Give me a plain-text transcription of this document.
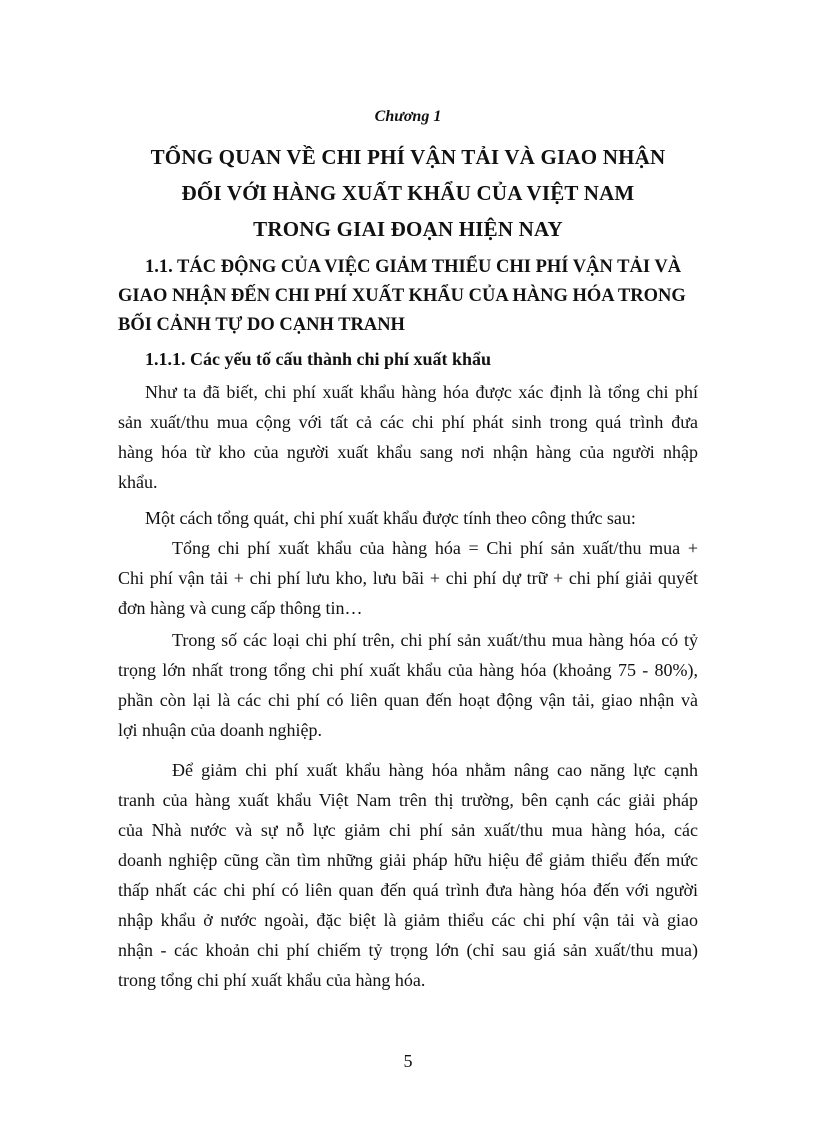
Chương 1
TỔNG QUAN VỀ CHI PHÍ VẬN TẢI VÀ GIAO NHẬN
ĐỐI VỚI HÀNG XUẤT KHẨU CỦA VIỆT NAM
TRONG GIAI ĐOẠN HIỆN NAY
1.1. TÁC ĐỘNG CỦA VIỆC GIẢM THIỂU CHI PHÍ VẬN TẢI VÀ
GIAO NHẬN ĐẾN CHI PHÍ XUẤT KHẨU CỦA HÀNG HÓA TRONG
BỐI CẢNH TỰ DO CẠNH TRANH
1.1.1. Các yếu tố cấu thành chi phí xuất khẩu
Như ta đã biết, chi phí xuất khẩu hàng hóa được xác định là tổng chi phí
sản xuất/thu mua cộng với tất cả các chi phí phát sinh trong quá trình đưa
hàng hóa từ kho của người xuất khẩu sang nơi nhận hàng của người nhập
khẩu.
Một cách tổng quát, chi phí xuất khẩu được tính theo công thức sau:
Tổng chi phí xuất khẩu của hàng hóa = Chi phí sản xuất/thu mua +
Chi phí vận tải + chi phí lưu kho, lưu bãi + chi phí dự trữ + chi phí giải quyết
đơn hàng và cung cấp thông tin…
Trong số các loại chi phí trên, chi phí sản xuất/thu mua hàng hóa có tỷ
trọng lớn nhất trong tổng chi phí xuất khẩu của hàng hóa (khoảng 75 - 80%),
phần còn lại là các chi phí có liên quan đến hoạt động vận tải, giao nhận và
lợi nhuận của doanh nghiệp.
Để giảm chi phí xuất khẩu hàng hóa nhằm nâng cao năng lực cạnh
tranh của hàng xuất khẩu Việt Nam trên thị trường, bên cạnh các giải pháp
của Nhà nước và sự nỗ lực giảm chi phí sản xuất/thu mua hàng hóa, các
doanh nghiệp cũng cần tìm những giải pháp hữu hiệu để giảm thiểu đến mức
thấp nhất các chi phí có liên quan đến quá trình đưa hàng hóa đến với người
nhập khẩu ở nước ngoài, đặc biệt là giảm thiểu các chi phí vận tải và giao
nhận - các khoản chi phí chiếm tỷ trọng lớn (chỉ sau giá sản xuất/thu mua)
trong tổng chi phí xuất khẩu của hàng hóa.
5
